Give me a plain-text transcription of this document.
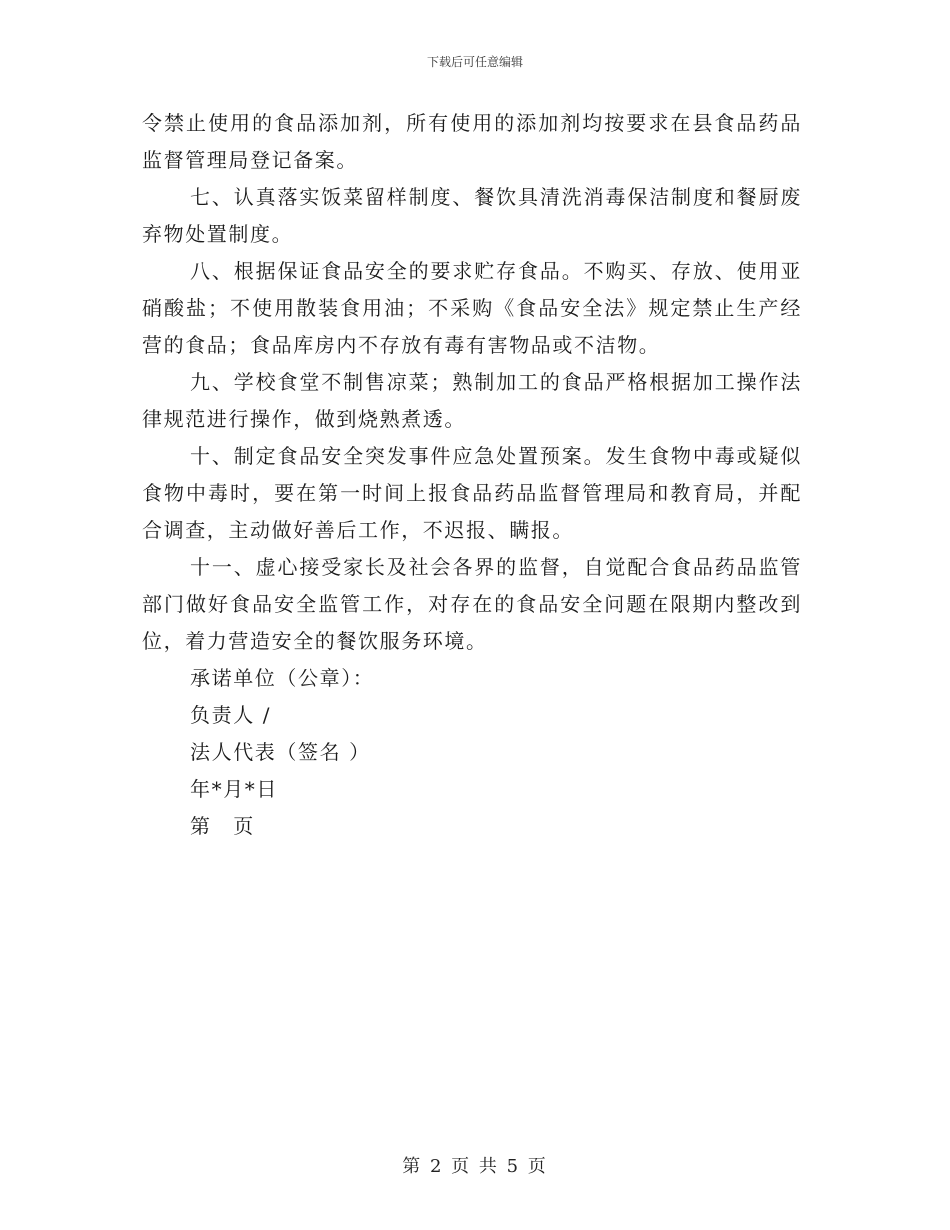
下载后可任意编辑

令禁止使用的食品添加剂，所有使用的添加剂均按要求在县食品药品监督管理局登记备案。

七、认真落实饭菜留样制度、餐饮具清洗消毒保洁制度和餐厨废弃物处置制度。

八、根据保证食品安全的要求贮存食品。不购买、存放、使用亚硝酸盐；不使用散装食用油；不采购《食品安全法》规定禁止生产经营的食品；食品库房内不存放有毒有害物品或不洁物。

九、学校食堂不制售凉菜；熟制加工的食品严格根据加工操作法律规范进行操作，做到烧熟煮透。

十、制定食品安全突发事件应急处置预案。发生食物中毒或疑似食物中毒时，要在第一时间上报食品药品监督管理局和教育局，并配合调查，主动做好善后工作，不迟报、瞒报。

十一、虚心接受家长及社会各界的监督，自觉配合食品药品监管部门做好食品安全监管工作，对存在的食品安全问题在限期内整改到位，着力营造安全的餐饮服务环境。

承诺单位（公章）：
负责人 /
法人代表（签名 ）
年*月*日
第　页
第 2 页 共 5 页
